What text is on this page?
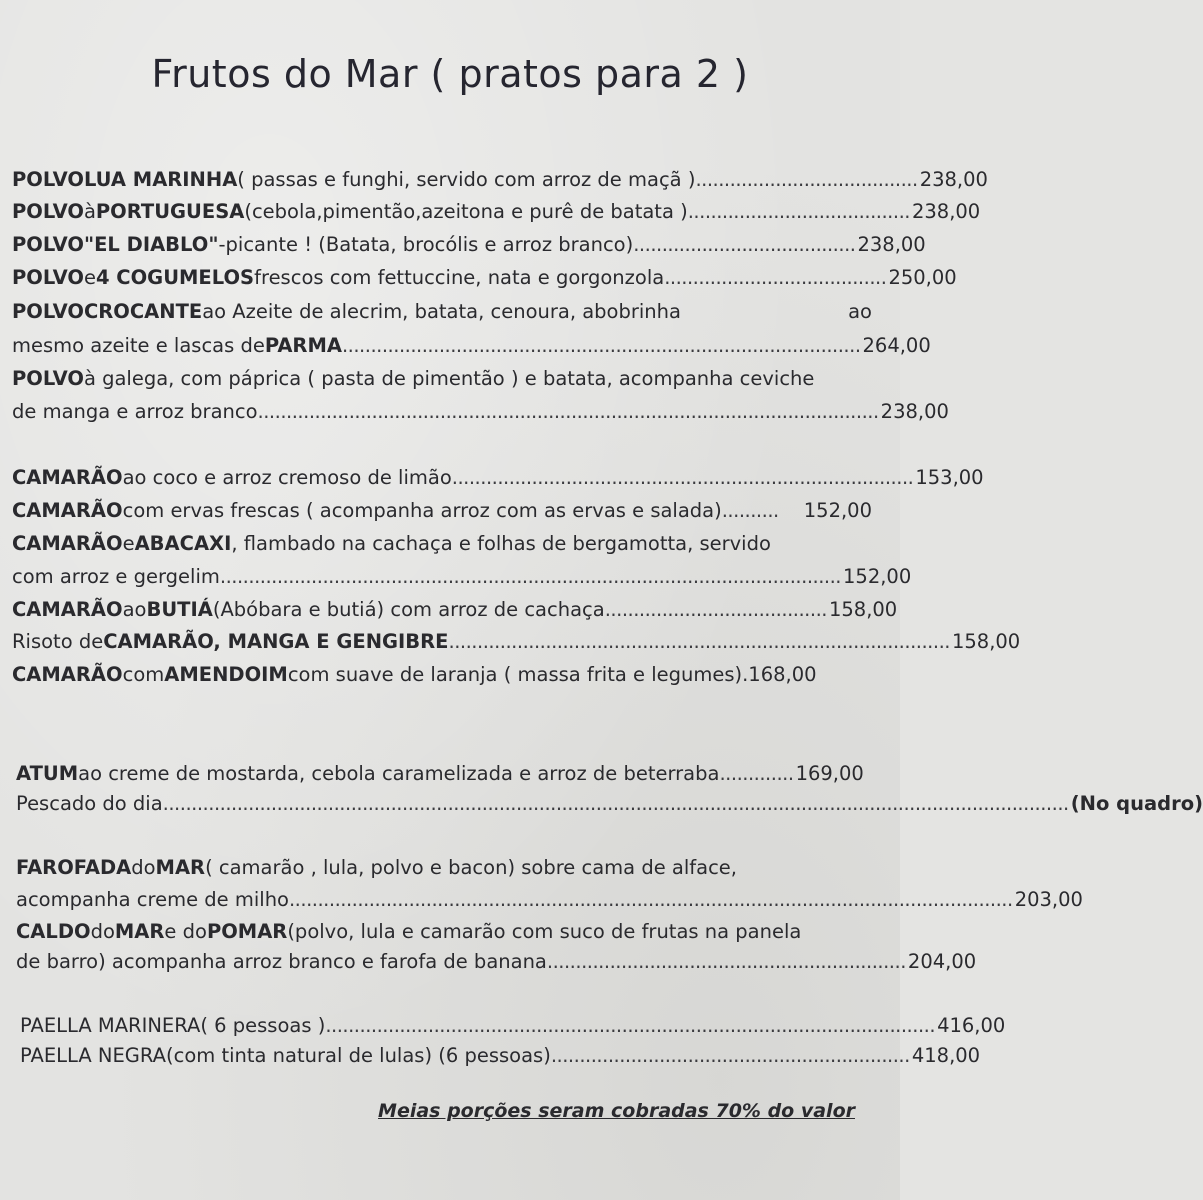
Frutos do Mar ( pratos para 2 )
POLVO LUA MARINHA ( passas e funghi, servido com arroz de maçã ) ....................................... 238,00
POLVO à PORTUGUESA (cebola,pimentão,azeitona e purê de batata ) ....................................... 238,00
POLVO "EL DIABLO" -picante ! (Batata, brocólis e arroz branco) ....................................... 238,00
POLVO e 4 COGUMELOS frescos com fettuccine, nata e gorgonzola ....................................... 250,00
POLVO CROCANTE ao Azeite de alecrim, batata, cenoura, abobrinha	ao
mesmo azeite e lascas de PARMA ........................................................................................... 264,00
POLVO à galega, com páprica ( pasta de pimentão ) e batata, acompanha ceviche
de manga e arroz branco ............................................................................................................. 238,00
CAMARÃO ao coco e arroz cremoso de limão ................................................................................. 153,00
CAMARÃO com ervas frescas ( acompanha arroz com as ervas e salada) ..........	152,00
CAMARÃO e ABACAXI , flambado na cachaça e folhas de bergamotta, servido
com arroz e gergelim ............................................................................................................. 152,00
CAMARÃO ao BUTIÁ (Abóbara e butiá) com arroz de cachaça ....................................... 158,00
Risoto de CAMARÃO, MANGA E GENGIBRE ........................................................................................ 158,00
CAMARÃO com AMENDOIM com suave de laranja ( massa frita e legumes).168,00
ATUM ao creme de mostarda, cebola caramelizada e arroz de beterraba ............. 169,00
Pescado do dia ............................................................................................................................................................... (No quadro)
FAROFADA do MAR ( camarão , lula, polvo e bacon) sobre cama de alface,
acompanha creme de milho ............................................................................................................................... 203,00
CALDO do MAR e do POMAR (polvo, lula e camarão com suco de frutas na panela
de barro) acompanha arroz branco e farofa de banana ............................................................... 204,00
PAELLA MARINERA ( 6 pessoas ) ........................................................................................................... 416,00
PAELLA NEGRA (com tinta natural de lulas) (6 pessoas) ............................................................... 418,00
Meias porções seram cobradas 70% do valor
